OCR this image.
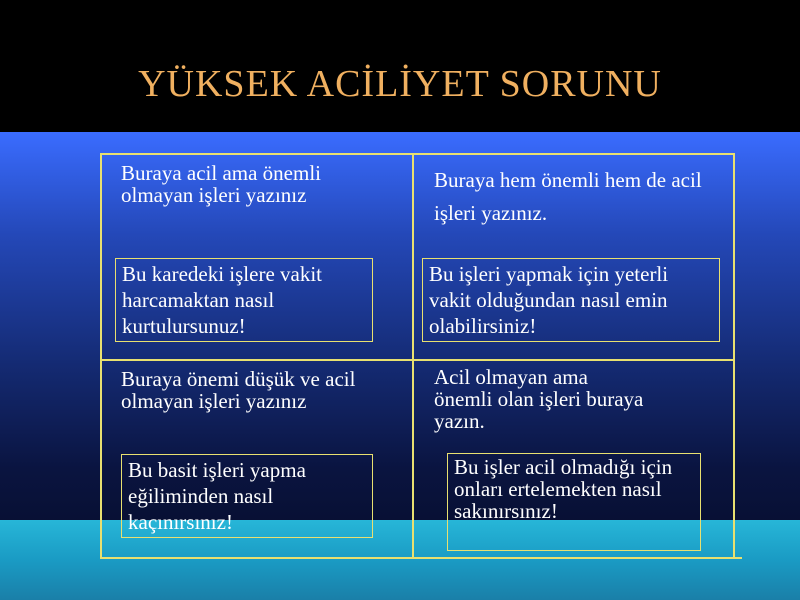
YÜKSEK ACİLİYET SORUNU
Buraya acil ama önemli olmayan işleri yazınız
Bu karedeki işlere vakit harcamaktan nasıl kurtulursunuz!
Buraya hem önemli hem de acil işleri yazınız.
Bu işleri yapmak için yeterli vakit olduğundan nasıl emin olabilirsiniz!
Buraya önemi düşük ve acil olmayan işleri yazınız
Bu basit işleri yapma eğiliminden nasıl kaçınırsınız!
Acil olmayan ama önemli olan işleri buraya yazın.
Bu işler acil olmadığı için onları ertelemekten nasıl sakınırsınız!
